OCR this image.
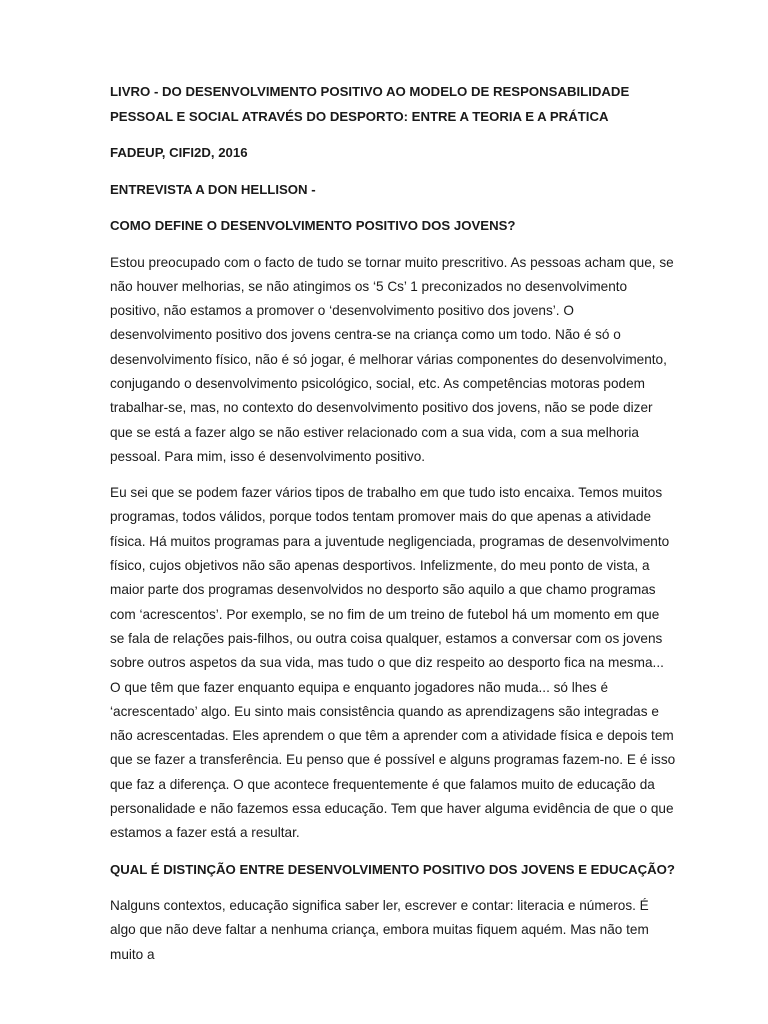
LIVRO - DO DESENVOLVIMENTO POSITIVO AO MODELO DE RESPONSABILIDADE PESSOAL E SOCIAL ATRAVÉS DO DESPORTO: ENTRE A TEORIA E A PRÁTICA

FADEUP, CIFI2D, 2016

ENTREVISTA A DON HELLISON -

COMO DEFINE O DESENVOLVIMENTO POSITIVO DOS JOVENS?

Estou preocupado com o facto de tudo se tornar muito prescritivo. As pessoas acham que, se não houver melhorias, se não atingimos os ‘5 Cs’ 1 preconizados no desenvolvimento positivo, não estamos a promover o ‘desenvolvimento positivo dos jovens’. O desenvolvimento positivo dos jovens centra-se na criança como um todo. Não é só o desenvolvimento físico, não é só jogar, é melhorar várias componentes do desenvolvimento, conjugando o desenvolvimento psicológico, social, etc. As competências motoras podem trabalhar-se, mas, no contexto do desenvolvimento positivo dos jovens, não se pode dizer que se está a fazer algo se não estiver relacionado com a sua vida, com a sua melhoria pessoal. Para mim, isso é desenvolvimento positivo.

Eu sei que se podem fazer vários tipos de trabalho em que tudo isto encaixa. Temos muitos programas, todos válidos, porque todos tentam promover mais do que apenas a atividade física. Há muitos programas para a juventude negligenciada, programas de desenvolvimento físico, cujos objetivos não são apenas desportivos. Infelizmente, do meu ponto de vista, a maior parte dos programas desenvolvidos no desporto são aquilo a que chamo programas com ‘acrescentos’. Por exemplo, se no fim de um treino de futebol há um momento em que se fala de relações pais-filhos, ou outra coisa qualquer, estamos a conversar com os jovens sobre outros aspetos da sua vida, mas tudo o que diz respeito ao desporto fica na mesma... O que têm que fazer enquanto equipa e enquanto jogadores não muda... só lhes é ‘acrescentado’ algo. Eu sinto mais consistência quando as aprendizagens são integradas e não acrescentadas. Eles aprendem o que têm a aprender com a atividade física e depois tem que se fazer a transferência. Eu penso que é possível e alguns programas fazem-no. E é isso que faz a diferença. O que acontece frequentemente é que falamos muito de educação da personalidade e não fazemos essa educação. Tem que haver alguma evidência de que o que estamos a fazer está a resultar.

QUAL É DISTINÇÃO ENTRE DESENVOLVIMENTO POSITIVO DOS JOVENS E EDUCAÇÃO?

Nalguns contextos, educação significa saber ler, escrever e contar: literacia e números. É algo que não deve faltar a nenhuma criança, embora muitas fiquem aquém. Mas não tem muito a
